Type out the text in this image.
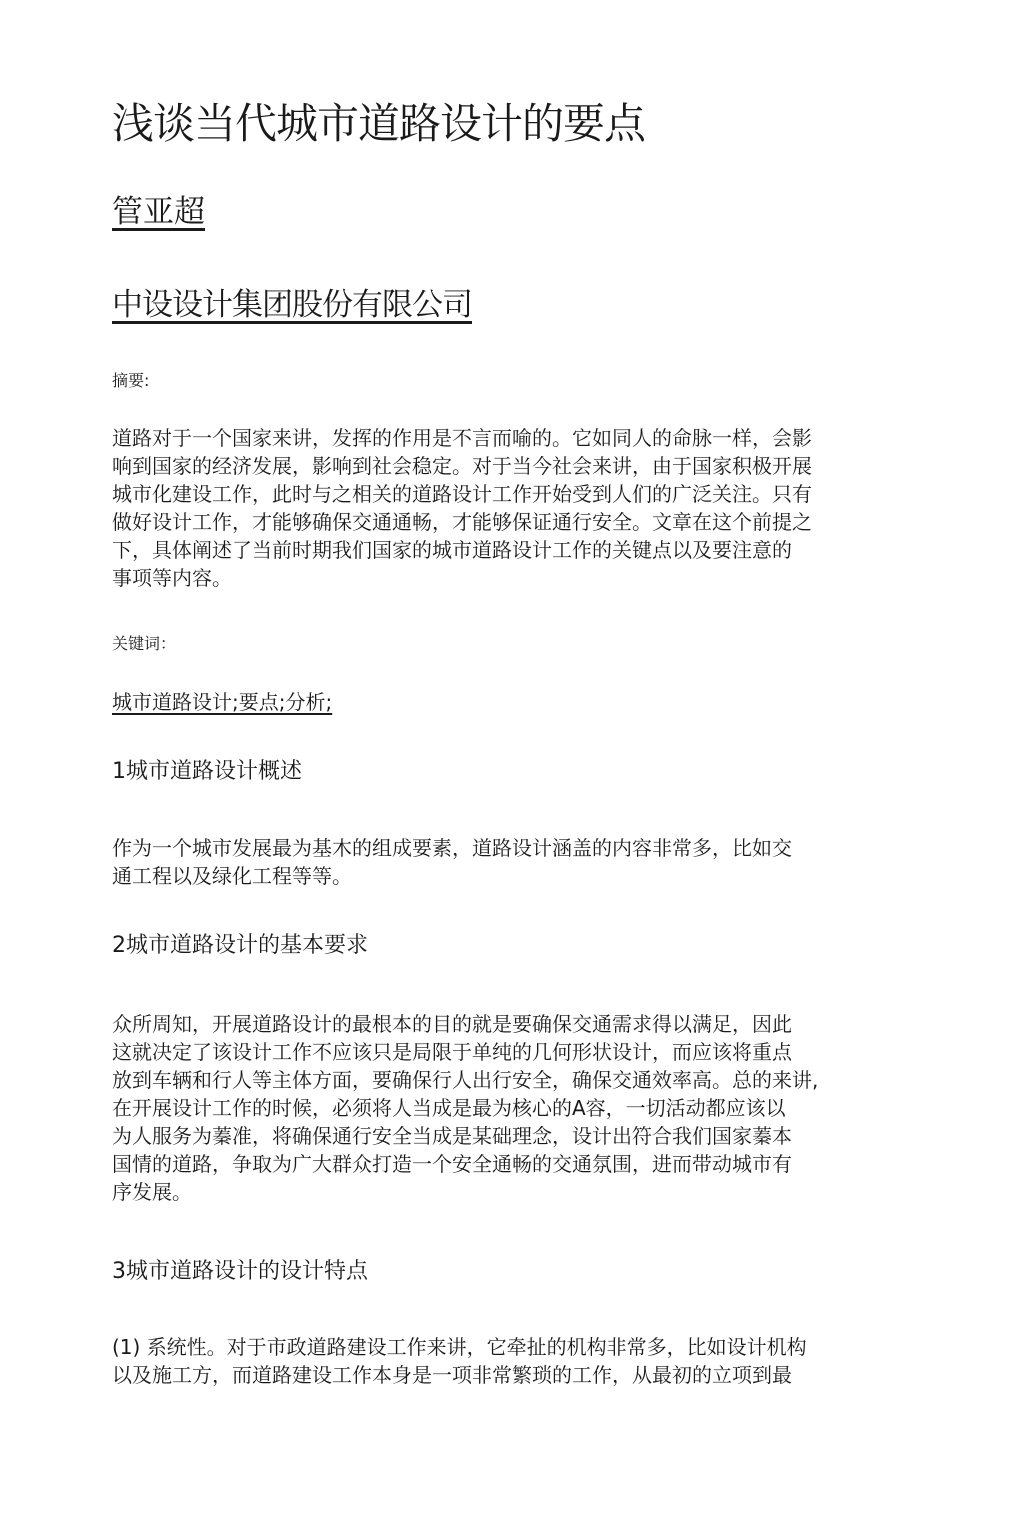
浅谈当代城市道路设计的要点
管亚超
中设设计集团股份有限公司
摘要:
道路对于一个国家来讲，发挥的作用是不言而喻的。它如同人的命脉一样，会影
响到国家的经济发展，影响到社会稳定。对于当今社会来讲，由于国家积极开展
城市化建设工作，此时与之相关的道路设计工作开始受到人们的广泛关注。只有
做好设计工作，才能够确保交通通畅，才能够保证通行安全。文章在这个前提之
下，具体阐述了当前时期我们国家的城市道路设计工作的关键点以及要注意的
事项等内容。
关键词：
城市道路设计;要点;分析;
1城市道路设计概述
作为一个城市发展最为基木的组成要素，道路设计涵盖的内容非常多，比如交
通工程以及绿化工程等等。
2城市道路设计的基本要求
众所周知，开展道路设计的最根本的目的就是要确保交通需求得以满足，因此
这就决定了该设计工作不应该只是局限于单纯的几何形状设计，而应该将重点
放到车辆和行人等主体方面，要确保行人出行安全，确保交通效率高。总的来讲,
在开展设计工作的时候，必须将人当成是最为核心的A容，一切活动都应该以
为人服务为蓁准，将确保通行安全当成是某础理念，设计出符合我们国家蓁本
国情的道路，争取为广大群众打造一个安全通畅的交通氛围，进而带动城市有
序发展。
3城市道路设计的设计特点
(1) 系统性。对于市政道路建设工作来讲，它牵扯的机构非常多，比如设计机构
以及施工方，而道路建设工作本身是一项非常繁琐的工作，从最初的立项到最
